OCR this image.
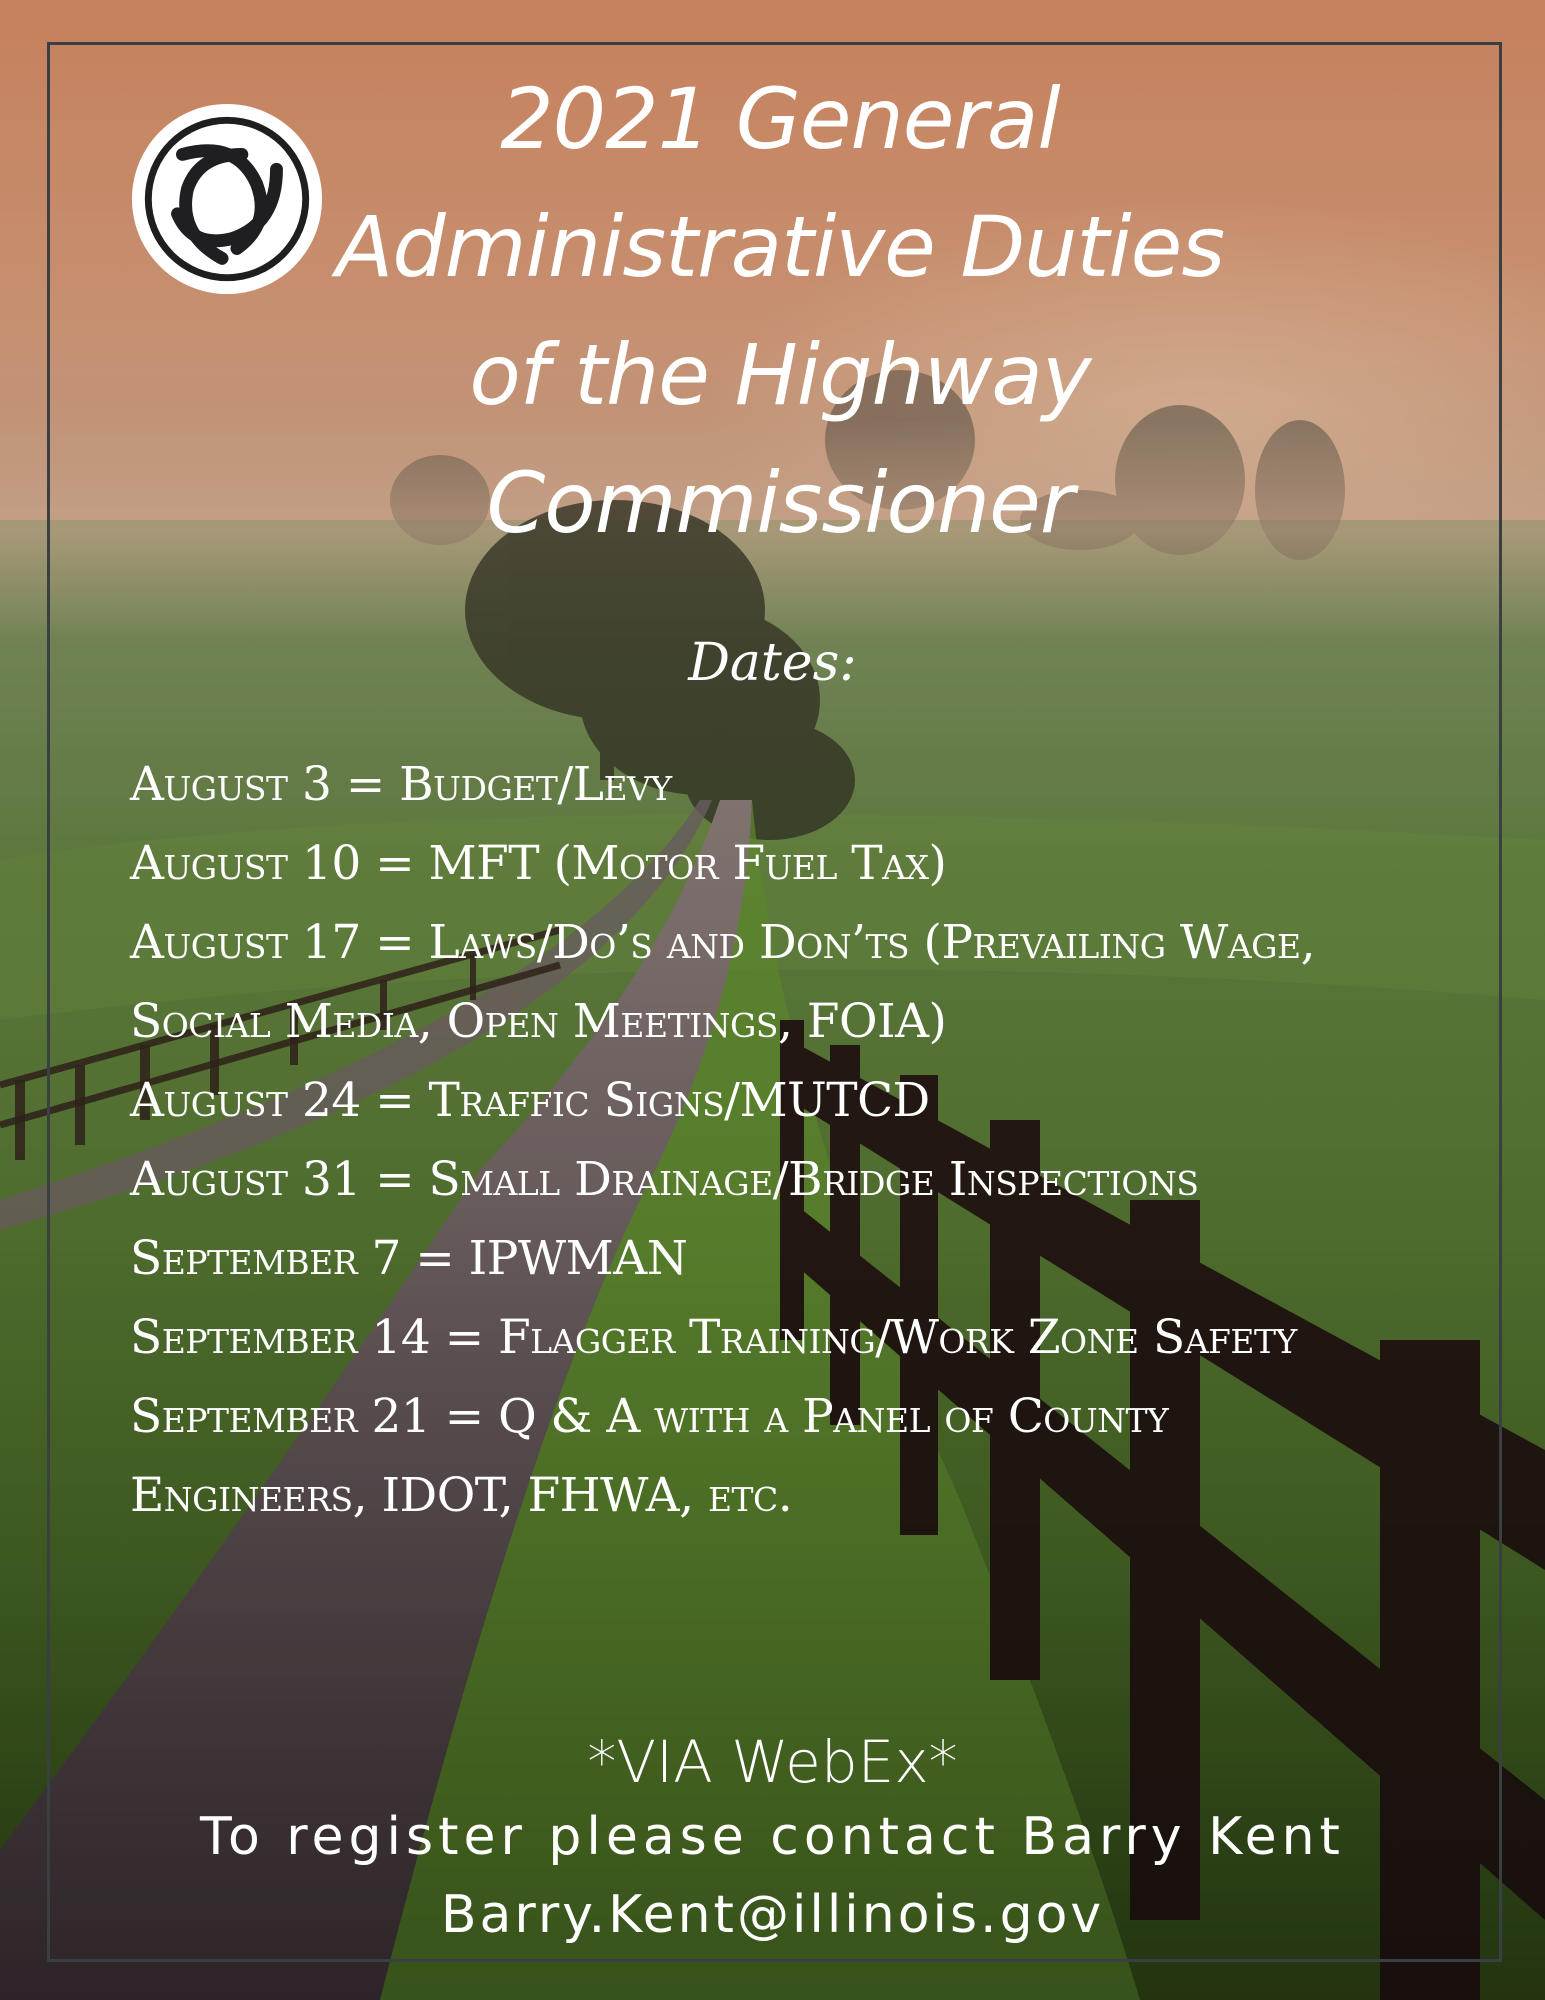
2021 General
Administrative Duties
of the Highway
Commissioner
Dates:
August 3 = Budget/Levy
August 10 = MFT (Motor Fuel Tax)
August 17 = Laws/Do’s and Don’ts (Prevailing Wage,
Social Media, Open Meetings, FOIA)
August 24 = Traffic Signs/MUTCD
August 31 = Small Drainage/Bridge Inspections
September 7 = IPWMAN
September 14 = Flagger Training/Work Zone Safety
September 21 = Q & A with a Panel of County
Engineers, IDOT, FHWA, etc.
*VIA WebEx*
To register please contact Barry Kent
Barry.Kent@illinois.gov
